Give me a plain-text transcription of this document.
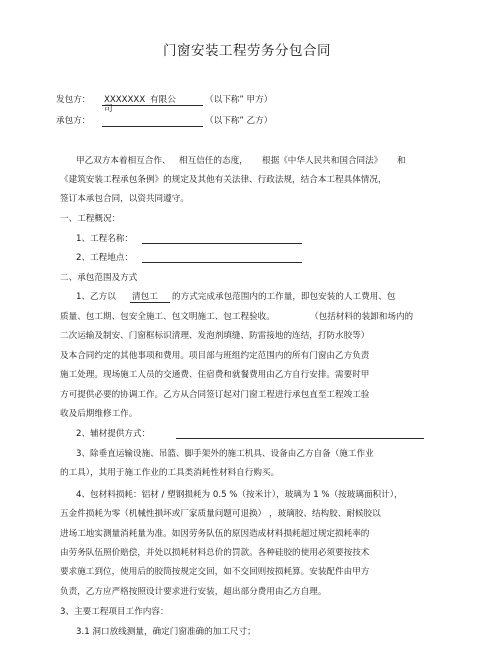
门窗安装工程劳务分包合同
发包方： XXXXXXX 有限公	（以下称” 甲方）
司
承包方：	（以下称” 乙方）
甲乙双方本着相互合作、 相互信任的态度， 根据《中华人民共和国合同法》 和
《建筑安装工程承包条例》的规定及其他有关法律、行政法规，结合本工程具体情况，
签订本承包合同，以资共同遵守。
一、工程概况：
1、工程名称：
2、工程地点：
二、承包范围及方式
1、乙方以 清包工 的方式完成承包范围内的工作量，即包安装的人工费用、包
质量、包工期、包安全施工、包文明施工、包工程验收。	（包括材料的装卸和场内的
二次运输及制安、门窗框标识清理、发泡剂填缝、防雷接地的连结，打防水胶等）
及本合同约定的其他事项和费用。项目部与班组约定范围内的所有门窗由乙方负责
施工处理。现场施工人员的交通费、住宿费和就餐费用由乙方自行安排。需要时甲
方可提供必要的协调工作。乙方从合同签订起对门窗工程进行承包直至工程竣工验
收及后期维修工作。
2、辅材提供方式：
3、除垂直运输设施、吊篮、脚手架外的施工机具、设备由乙方自备（施工作业
的工具），其用于施工作业的工具类消耗性材料自行购买。
4、包材料损耗：铝材 / 塑钢损耗为 0.5 %（按米计），玻璃为 1 %（按玻璃面积计），
五金件损耗为零（机械性損坏或厂家质量问题可退换） ，玻璃胶、结构胶、耐候胶以
进场工地实测量消耗量为准。如因劳务队伍的原因造成材料损耗超过规定损耗率的
由劳务队伍照价赔偿，并处以损耗材料总价的罚款。各种硅胶的使用必须要按技术
要求施工到位，使用后的胶筒按规定交回，如不交回则按损耗算。安装配件由甲方
负责，乙方应严格按照设计要求进行安装，超出部分费用由乙方自理。
3、主要工程项目工作内容：
3.1 洞口放线测量，确定门窗准确的加工尺寸；
